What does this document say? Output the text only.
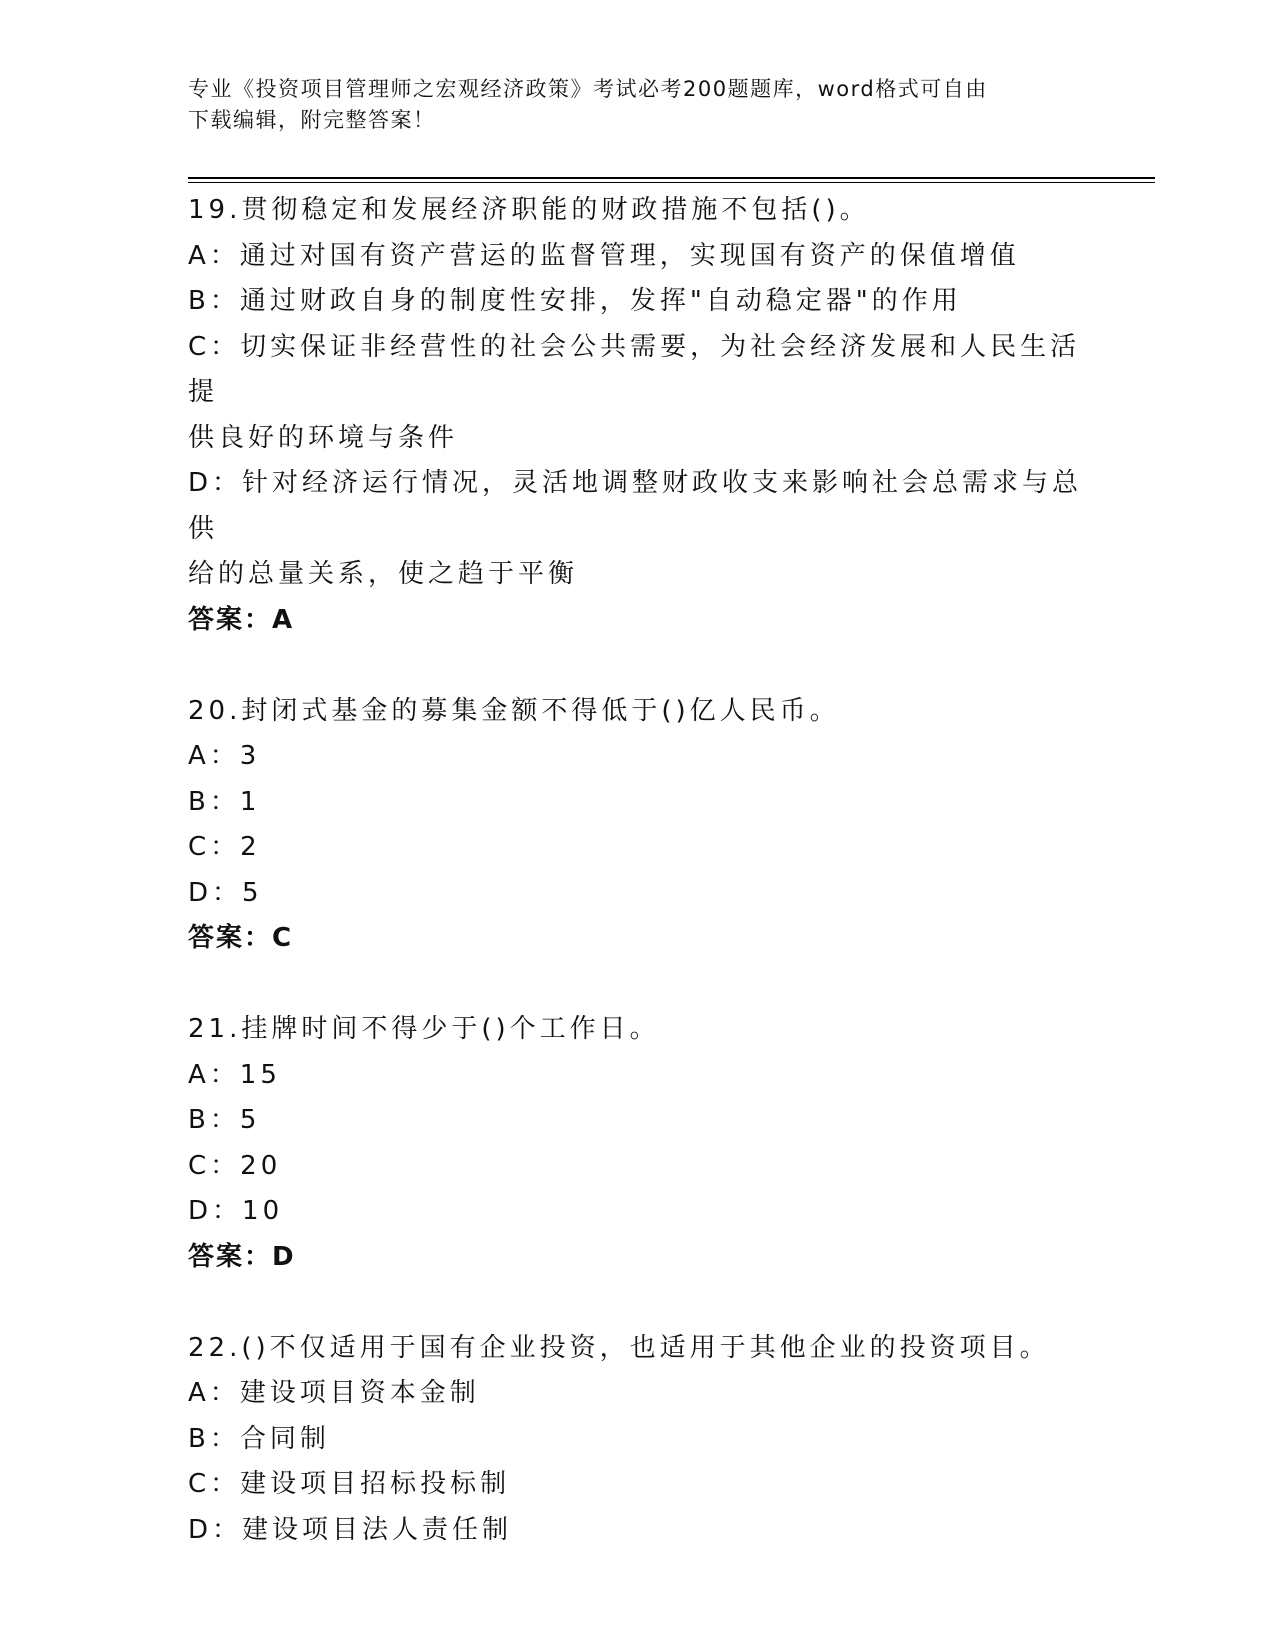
专业《投资项目管理师之宏观经济政策》考试必考200题题库，word格式可自由
下载编辑，附完整答案！
19.贯彻稳定和发展经济职能的财政措施不包括()。
A：通过对国有资产营运的监督管理，实现国有资产的保值增值
B：通过财政自身的制度性安排，发挥"自动稳定器"的作用
C：切实保证非经营性的社会公共需要，为社会经济发展和人民生活提
供良好的环境与条件
D：针对经济运行情况，灵活地调整财政收支来影响社会总需求与总供
给的总量关系，使之趋于平衡
答案：A
20.封闭式基金的募集金额不得低于()亿人民币。
A：3
B：1
C：2
D：5
答案：C
21.挂牌时间不得少于()个工作日。
A：15
B：5
C：20
D：10
答案：D
22.()不仅适用于国有企业投资，也适用于其他企业的投资项目。
A：建设项目资本金制
B：合同制
C：建设项目招标投标制
D：建设项目法人责任制
